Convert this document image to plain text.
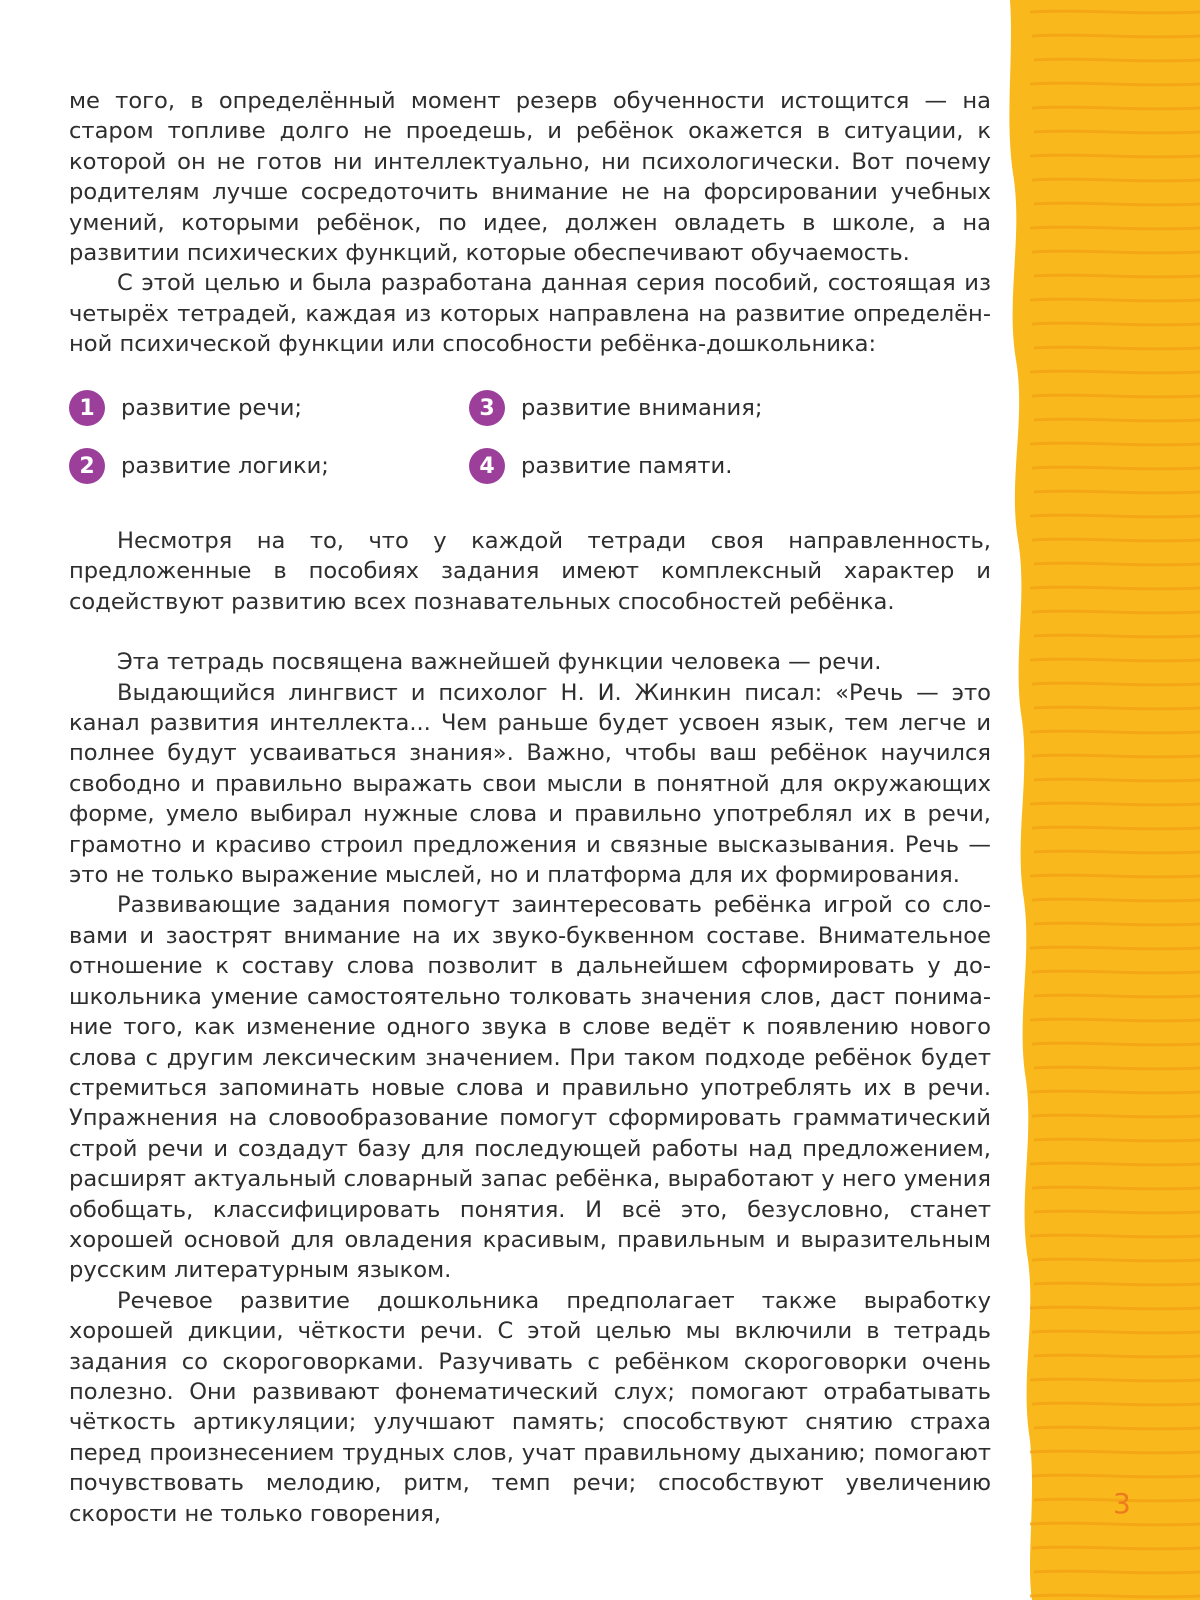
ме того, в определённый момент резерв обученности истощится — на старом топливе долго не проедешь, и ребёнок окажется в ситуации, к которой он не готов ни интеллектуально, ни психологически. Вот почему родителям лучше сосредоточить внимание не на форсировании учебных умений, которыми ребёнок, по идее, должен овладеть в школе, а на развитии психических функций, которые обеспечивают обучаемость.

С этой целью и была разработана данная серия пособий, состоящая из четырёх тетрадей, каждая из которых направлена на развитие определённой психической функции или способности ребёнка-дошкольника:

1	развитие речи;
2	развитие логики;
3	развитие внимания;
4	развитие памяти.

Несмотря на то, что у каждой тетради своя направленность, предложенные в пособиях задания имеют комплексный характер и содействуют развитию всех познавательных способностей ребёнка.

Эта тетрадь посвящена важнейшей функции человека — речи.

Выдающийся лингвист и психолог Н. И. Жинкин писал: «Речь — это канал развития интеллекта... Чем раньше будет усвоен язык, тем легче и полнее будут усваиваться знания». Важно, чтобы ваш ребёнок научился свободно и правильно выражать свои мысли в понятной для окружающих форме, умело выбирал нужные слова и правильно употреблял их в речи, грамотно и красиво строил предложения и связные высказывания. Речь — это не только выражение мыслей, но и платформа для их формирования.

Развивающие задания помогут заинтересовать ребёнка игрой со словами и заострят внимание на их звуко-буквенном составе. Внимательное отношение к составу слова позволит в дальнейшем сформировать у дошкольника умение самостоятельно толковать значения слов, даст понимание того, как изменение одного звука в слове ведёт к появлению нового слова с другим лексическим значением. При таком подходе ребёнок будет стремиться запоминать новые слова и правильно употреблять их в речи. Упражнения на словообразование помогут сформировать грамматический строй речи и создадут базу для последующей работы над предложением, расширят актуальный словарный запас ребёнка, выработают у него умения обобщать, классифицировать понятия. И всё это, безусловно, станет хорошей основой для овладения красивым, правильным и выразительным русским литературным языком.

Речевое развитие дошкольника предполагает также выработку хорошей дикции, чёткости речи. С этой целью мы включили в тетрадь задания со скороговорками. Разучивать с ребёнком скороговорки очень полезно. Они развивают фонематический слух; помогают отрабатывать чёткость артикуляции; улучшают память; способствуют снятию страха перед произнесением трудных слов, учат правильному дыханию; помогают почувствовать мелодию, ритм, темп речи; способствуют увеличению скорости не только говорения,	3
